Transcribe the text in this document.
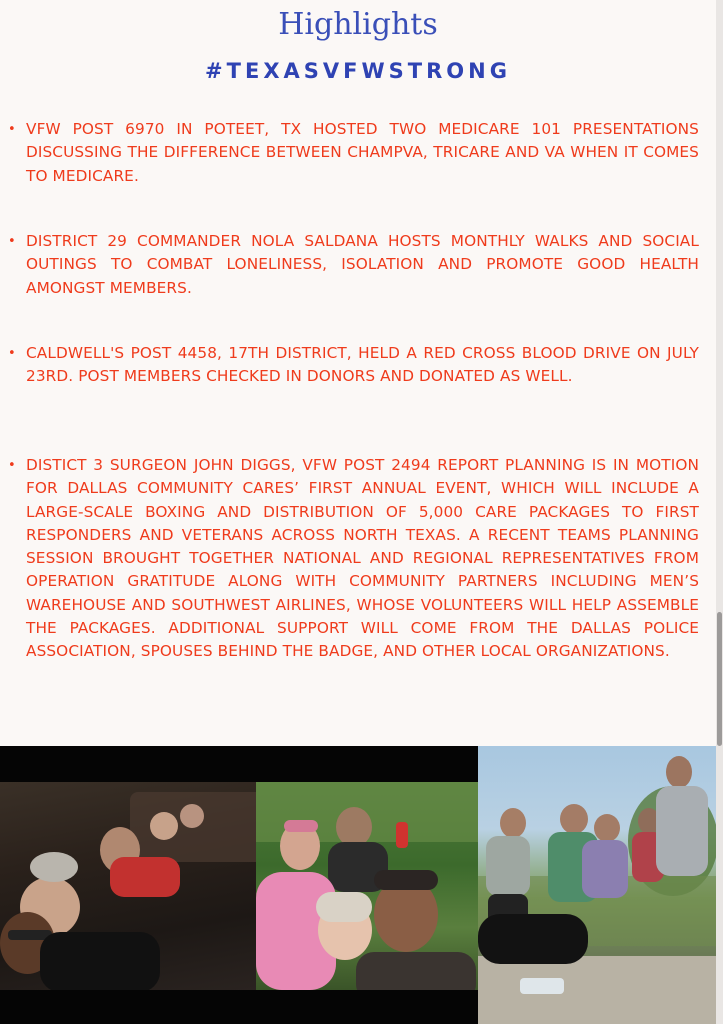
Highlights
#TEXASVFWSTRONG
• VFW POST 6970 IN POTEET, TX HOSTED TWO MEDICARE 101 PRESENTATIONS DISCUSSING THE DIFFERENCE BETWEEN CHAMPVA, TRICARE AND VA WHEN IT COMES TO MEDICARE.
• DISTRICT 29 COMMANDER NOLA SALDANA HOSTS MONTHLY WALKS AND SOCIAL OUTINGS TO COMBAT LONELINESS, ISOLATION AND PROMOTE GOOD HEALTH AMONGST MEMBERS.
• CALDWELL'S POST 4458, 17TH DISTRICT, HELD A RED CROSS BLOOD DRIVE ON JULY 23RD. POST MEMBERS CHECKED IN DONORS AND DONATED AS WELL.
• DISTICT 3 SURGEON JOHN DIGGS, VFW POST 2494 REPORT PLANNING IS IN MOTION FOR DALLAS COMMUNITY CARES’ FIRST ANNUAL EVENT, WHICH WILL INCLUDE A LARGE-SCALE BOXING AND DISTRIBUTION OF 5,000 CARE PACKAGES TO FIRST RESPONDERS AND VETERANS ACROSS NORTH TEXAS. A RECENT TEAMS PLANNING SESSION BROUGHT TOGETHER NATIONAL AND REGIONAL REPRESENTATIVES FROM OPERATION GRATITUDE ALONG WITH COMMUNITY PARTNERS INCLUDING MEN’S WAREHOUSE AND SOUTHWEST AIRLINES, WHOSE VOLUNTEERS WILL HELP ASSEMBLE THE PACKAGES. ADDITIONAL SUPPORT WILL COME FROM THE DALLAS POLICE ASSOCIATION, SPOUSES BEHIND THE BADGE, AND OTHER LOCAL ORGANIZATIONS.
